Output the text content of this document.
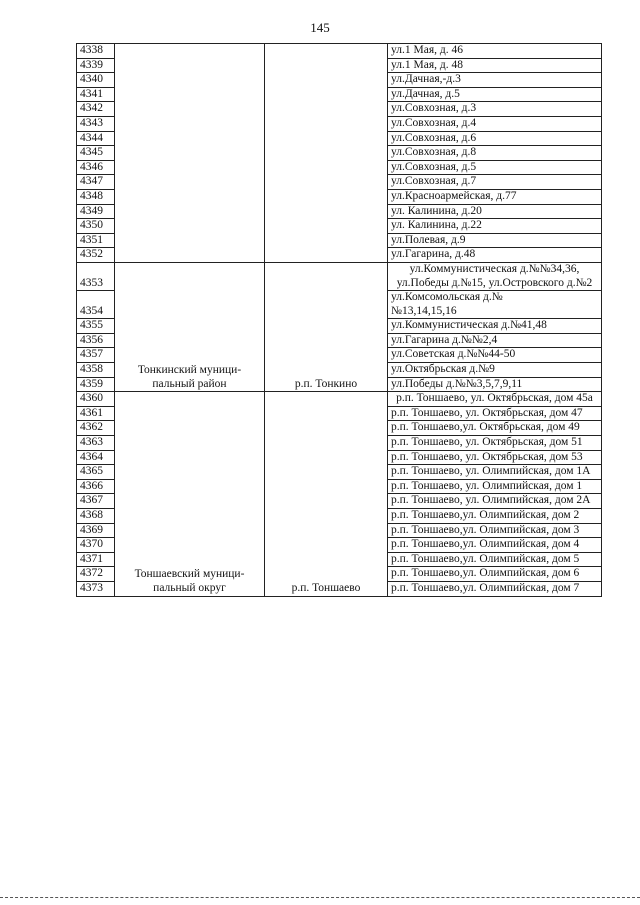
145
4338			ул.1 Мая, д. 46
4339			ул.1 Мая, д. 48
4340			ул.Дачная,-д.3
4341			ул.Дачная, д.5
4342			ул.Совхозная, д.3
4343			ул.Совхозная, д.4
4344			ул.Совхозная, д.6
4345			ул.Совхозная, д.8
4346			ул.Совхозная, д.5
4347			ул.Совхозная, д.7
4348			ул.Красноармейская, д.77
4349			ул. Калинина, д.20
4350			ул. Калинина, д.22
4351			ул.Полевая, д.9
4352			ул.Гагарина, д.48
4353	Тонкинский муници-пальный район	р.п. Тонкино	ул.Коммунистическая д.№№34,36, ул.Победы д.№15, ул.Островского д.№2
4354			ул.Комсомольская д.№№13,14,15,16
4355			ул.Коммунистическая д.№41,48
4356			ул.Гагарина д.№№2,4
4357			ул.Советская д.№№44-50
4358			ул.Октябрьская д.№9
4359			ул.Победы д.№№3,5,7,9,11
4360	Тоншаевский муници-пальный округ	р.п. Тоншаево	р.п. Тоншаево, ул. Октябрьская, дом 45а
4361			р.п. Тоншаево, ул. Октябрьская, дом 47
4362			р.п. Тоншаево,ул. Октябрьская, дом 49
4363			р.п. Тоншаево, ул. Октябрьская, дом 51
4364			р.п. Тоншаево, ул. Октябрьская, дом 53
4365			р.п. Тоншаево, ул. Олимпийская, дом 1А
4366			р.п. Тоншаево, ул. Олимпийская, дом 1
4367			р.п. Тоншаево, ул. Олимпийская, дом 2А
4368			р.п. Тоншаево,ул. Олимпийская, дом 2
4369			р.п. Тоншаево,ул. Олимпийская, дом 3
4370			р.п. Тоншаево,ул. Олимпийская, дом 4
4371			р.п. Тоншаево,ул. Олимпийская, дом 5
4372			р.п. Тоншаево,ул. Олимпийская, дом 6
4373			р.п. Тоншаево,ул. Олимпийская, дом 7
